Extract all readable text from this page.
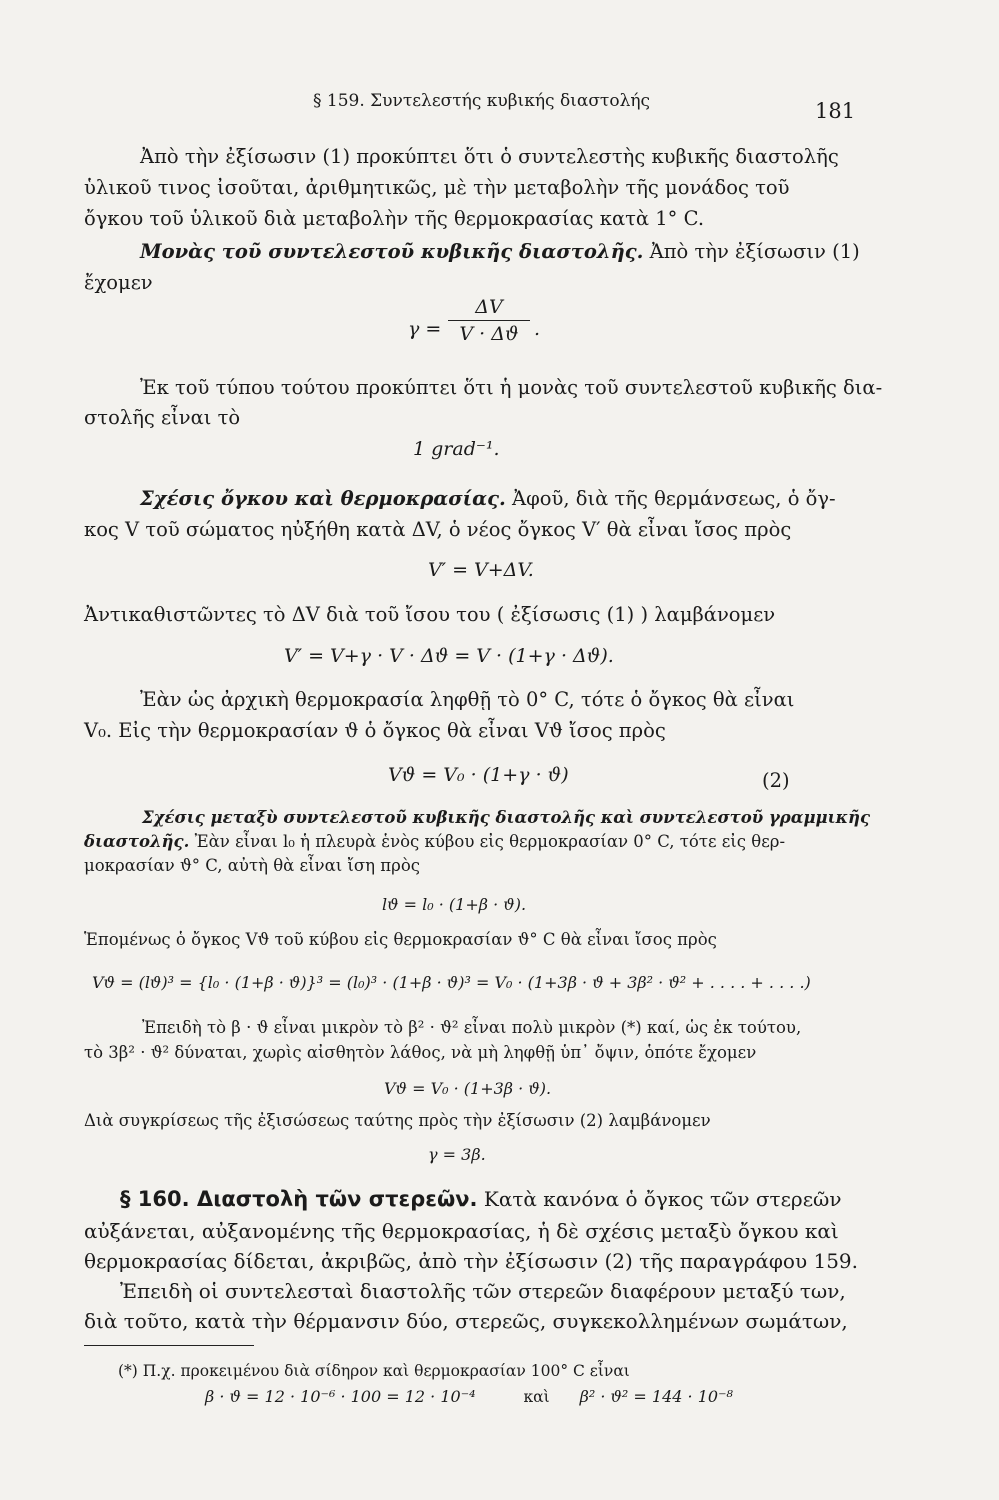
§ 159. Συντελεστής κυβικής διαστολής	181
Ἀπὸ τὴν ἐξίσωσιν (1) προκύπτει ὅτι ὁ συντελεστὴς κυβικῆς διαστολῆς
ὑλικοῦ τινος ἰσοῦται, ἀριθμητικῶς, μὲ τὴν μεταβολὴν τῆς μονάδος τοῦ
ὄγκου τοῦ ὑλικοῦ διὰ μεταβολὴν τῆς θερμοκρασίας κατὰ 1° C.
Μονὰς τοῦ συντελεστοῦ κυβικῆς διαστολῆς. Ἀπὸ τὴν ἐξίσωσιν (1)
ἔχομεν
γ =
ΔV
V · Δϑ .
Ἐκ τοῦ τύπου τούτου προκύπτει ὅτι ἡ μονὰς τοῦ συντελεστοῦ κυβικῆς δια-
στολῆς εἶναι τὸ
1 grad⁻¹.
Σχέσις ὄγκου καὶ θερμοκρασίας. Ἀφοῦ, διὰ τῆς θερμάνσεως, ὁ ὄγ-
κος V τοῦ σώματος ηὐξήθη κατὰ ΔV, ὁ νέος ὄγκος V′ θὰ εἶναι ἴσος πρὸς
V′ = V+ΔV.
Ἀντικαθιστῶντες τὸ ΔV διὰ τοῦ ἴσου του ( ἐξίσωσις (1) ) λαμβάνομεν
V′ = V+γ · V · Δϑ = V · (1+γ · Δϑ).
Ἐὰν ὡς ἀρχικὴ θερμοκρασία ληφθῇ τὸ 0° C, τότε ὁ ὄγκος θὰ εἶναι
V₀. Εἰς τὴν θερμοκρασίαν ϑ ὁ ὄγκος θὰ εἶναι Vϑ ἴσος πρὸς
Vϑ = V₀ · (1+γ · ϑ)	(2)
Σχέσις μεταξὺ συντελεστοῦ κυβικῆς διαστολῆς καὶ συντελεστοῦ γραμμικῆς
διαστολῆς. Ἐὰν εἶναι l₀ ἡ πλευρὰ ἑνὸς κύβου εἰς θερμοκρασίαν 0° C, τότε εἰς θερ-
μοκρασίαν ϑ° C, αὐτὴ θὰ εἶναι ἴση πρὸς
lϑ = l₀ · (1+β · ϑ).
Ἑπομένως ὁ ὄγκος Vϑ τοῦ κύβου εἰς θερμοκρασίαν ϑ° C θὰ εἶναι ἴσος πρὸς
Vϑ = (lϑ)³ = {l₀ · (1+β · ϑ)}³ = (l₀)³ · (1+β · ϑ)³ = V₀ · (1+3β · ϑ + 3β² · ϑ² + . . . . + . . . .)
Ἐπειδὴ τὸ β · ϑ εἶναι μικρὸν τὸ β² · ϑ² εἶναι πολὺ μικρὸν (*) καί, ὡς ἐκ τούτου,
τὸ 3β² · ϑ² δύναται, χωρὶς αἰσθητὸν λάθος, νὰ μὴ ληφθῇ ὑπ᾽ ὄψιν, ὁπότε ἔχομεν
Vϑ = V₀ · (1+3β · ϑ).
Διὰ συγκρίσεως τῆς ἐξισώσεως ταύτης πρὸς τὴν ἐξίσωσιν (2) λαμβάνομεν
γ = 3β.
§ 160. Διαστολὴ τῶν στερεῶν. Κατὰ κανόνα ὁ ὄγκος τῶν στερεῶν
αὐξάνεται, αὐξανομένης τῆς θερμοκρασίας, ἡ δὲ σχέσις μεταξὺ ὄγκου καὶ
θερμοκρασίας δίδεται, ἀκριβῶς, ἀπὸ τὴν ἐξίσωσιν (2) τῆς παραγράφου 159.
Ἐπειδὴ οἱ συντελεσταὶ διαστολῆς τῶν στερεῶν διαφέρουν μεταξύ των,
διὰ τοῦτο, κατὰ τὴν θέρμανσιν δύο, στερεῶς, συγκεκολλημένων σωμάτων,
(*) Π.χ. προκειμένου διὰ σίδηρον καὶ θερμοκρασίαν 100° C εἶναι
β · ϑ = 12 · 10⁻⁶ · 100 = 12 · 10⁻⁴	καὶ β² · ϑ² = 144 · 10⁻⁸
